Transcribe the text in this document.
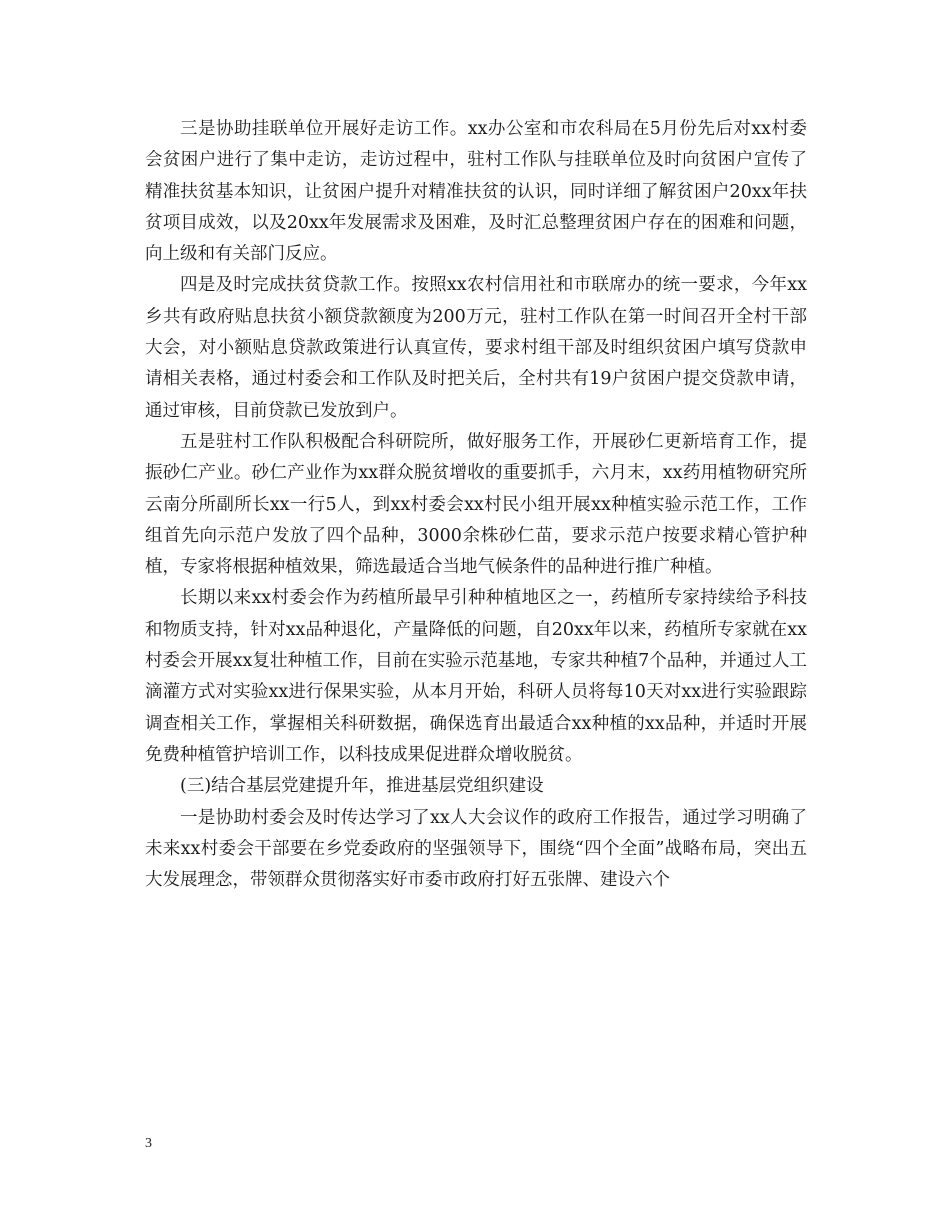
三是协助挂联单位开展好走访工作。xx办公室和市农科局在5月份先后对xx村委会贫困户进行了集中走访，走访过程中，驻村工作队与挂联单位及时向贫困户宣传了精准扶贫基本知识，让贫困户提升对精准扶贫的认识，同时详细了解贫困户20xx年扶贫项目成效，以及20xx年发展需求及困难，及时汇总整理贫困户存在的困难和问题，向上级和有关部门反应。

四是及时完成扶贫贷款工作。按照xx农村信用社和市联席办的统一要求，今年xx乡共有政府贴息扶贫小额贷款额度为200万元，驻村工作队在第一时间召开全村干部大会，对小额贴息贷款政策进行认真宣传，要求村组干部及时组织贫困户填写贷款申请相关表格，通过村委会和工作队及时把关后，全村共有19户贫困户提交贷款申请，通过审核，目前贷款已发放到户。

五是驻村工作队积极配合科研院所，做好服务工作，开展砂仁更新培育工作，提振砂仁产业。砂仁产业作为xx群众脱贫增收的重要抓手，六月末，xx药用植物研究所云南分所副所长xx一行5人，到xx村委会xx村民小组开展xx种植实验示范工作，工作组首先向示范户发放了四个品种，3000余株砂仁苗，要求示范户按要求精心管护种植，专家将根据种植效果，筛选最适合当地气候条件的品种进行推广种植。

长期以来xx村委会作为药植所最早引种种植地区之一，药植所专家持续给予科技和物质支持，针对xx品种退化，产量降低的问题，自20xx年以来，药植所专家就在xx村委会开展xx复壮种植工作，目前在实验示范基地，专家共种植7个品种，并通过人工滴灌方式对实验xx进行保果实验，从本月开始，科研人员将每10天对xx进行实验跟踪调查相关工作，掌握相关科研数据，确保选育出最适合xx种植的xx品种，并适时开展免费种植管护培训工作，以科技成果促进群众增收脱贫。

(三)结合基层党建提升年，推进基层党组织建设

一是协助村委会及时传达学习了xx人大会议作的政府工作报告，通过学习明确了未来xx村委会干部要在乡党委政府的坚强领导下，围绕“四个全面”战略布局，突出五大发展理念，带领群众贯彻落实好市委市政府打好五张牌、建设六个

3
